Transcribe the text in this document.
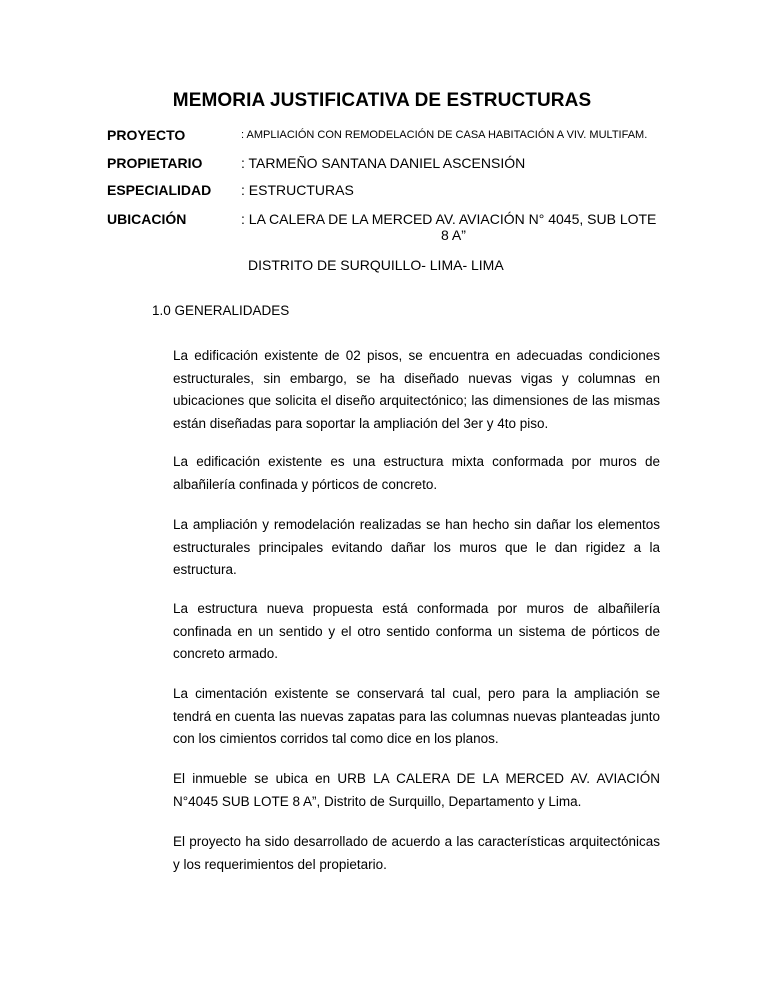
MEMORIA JUSTIFICATIVA DE ESTRUCTURAS
PROYECTO	: AMPLIACIÓN CON REMODELACIÓN DE CASA HABITACIÓN A VIV. MULTIFAM.
PROPIETARIO	: TARMEÑO SANTANA DANIEL ASCENSIÓN
ESPECIALIDAD : ESTRUCTURAS
UBICACIÓN	: LA CALERA DE LA MERCED AV. AVIACIÓN N° 4045, SUB LOTE
8 A”
DISTRITO DE SURQUILLO- LIMA- LIMA
1.0 GENERALIDADES

La edificación existente de 02 pisos, se encuentra en adecuadas condiciones estructurales, sin embargo, se ha diseñado nuevas vigas y columnas en ubicaciones que solicita el diseño arquitectónico; las dimensiones de las mismas están diseñadas para soportar la ampliación del 3er y 4to piso.

La edificación existente es una estructura mixta conformada por muros de albañilería confinada y pórticos de concreto.

La ampliación y remodelación realizadas se han hecho sin dañar los elementos estructurales principales evitando dañar los muros que le dan rigidez a la estructura.

La estructura nueva propuesta está conformada por muros de albañilería confinada en un sentido y el otro sentido conforma un sistema de pórticos de concreto armado.

La cimentación existente se conservará tal cual, pero para la ampliación se tendrá en cuenta las nuevas zapatas para las columnas nuevas planteadas junto con los cimientos corridos tal como dice en los planos.

El inmueble se ubica en URB LA CALERA DE LA MERCED AV. AVIACIÓN N°4045 SUB LOTE 8 A”, Distrito de Surquillo, Departamento y Lima.

El proyecto ha sido desarrollado de acuerdo a las características arquitectónicas y los requerimientos del propietario.
